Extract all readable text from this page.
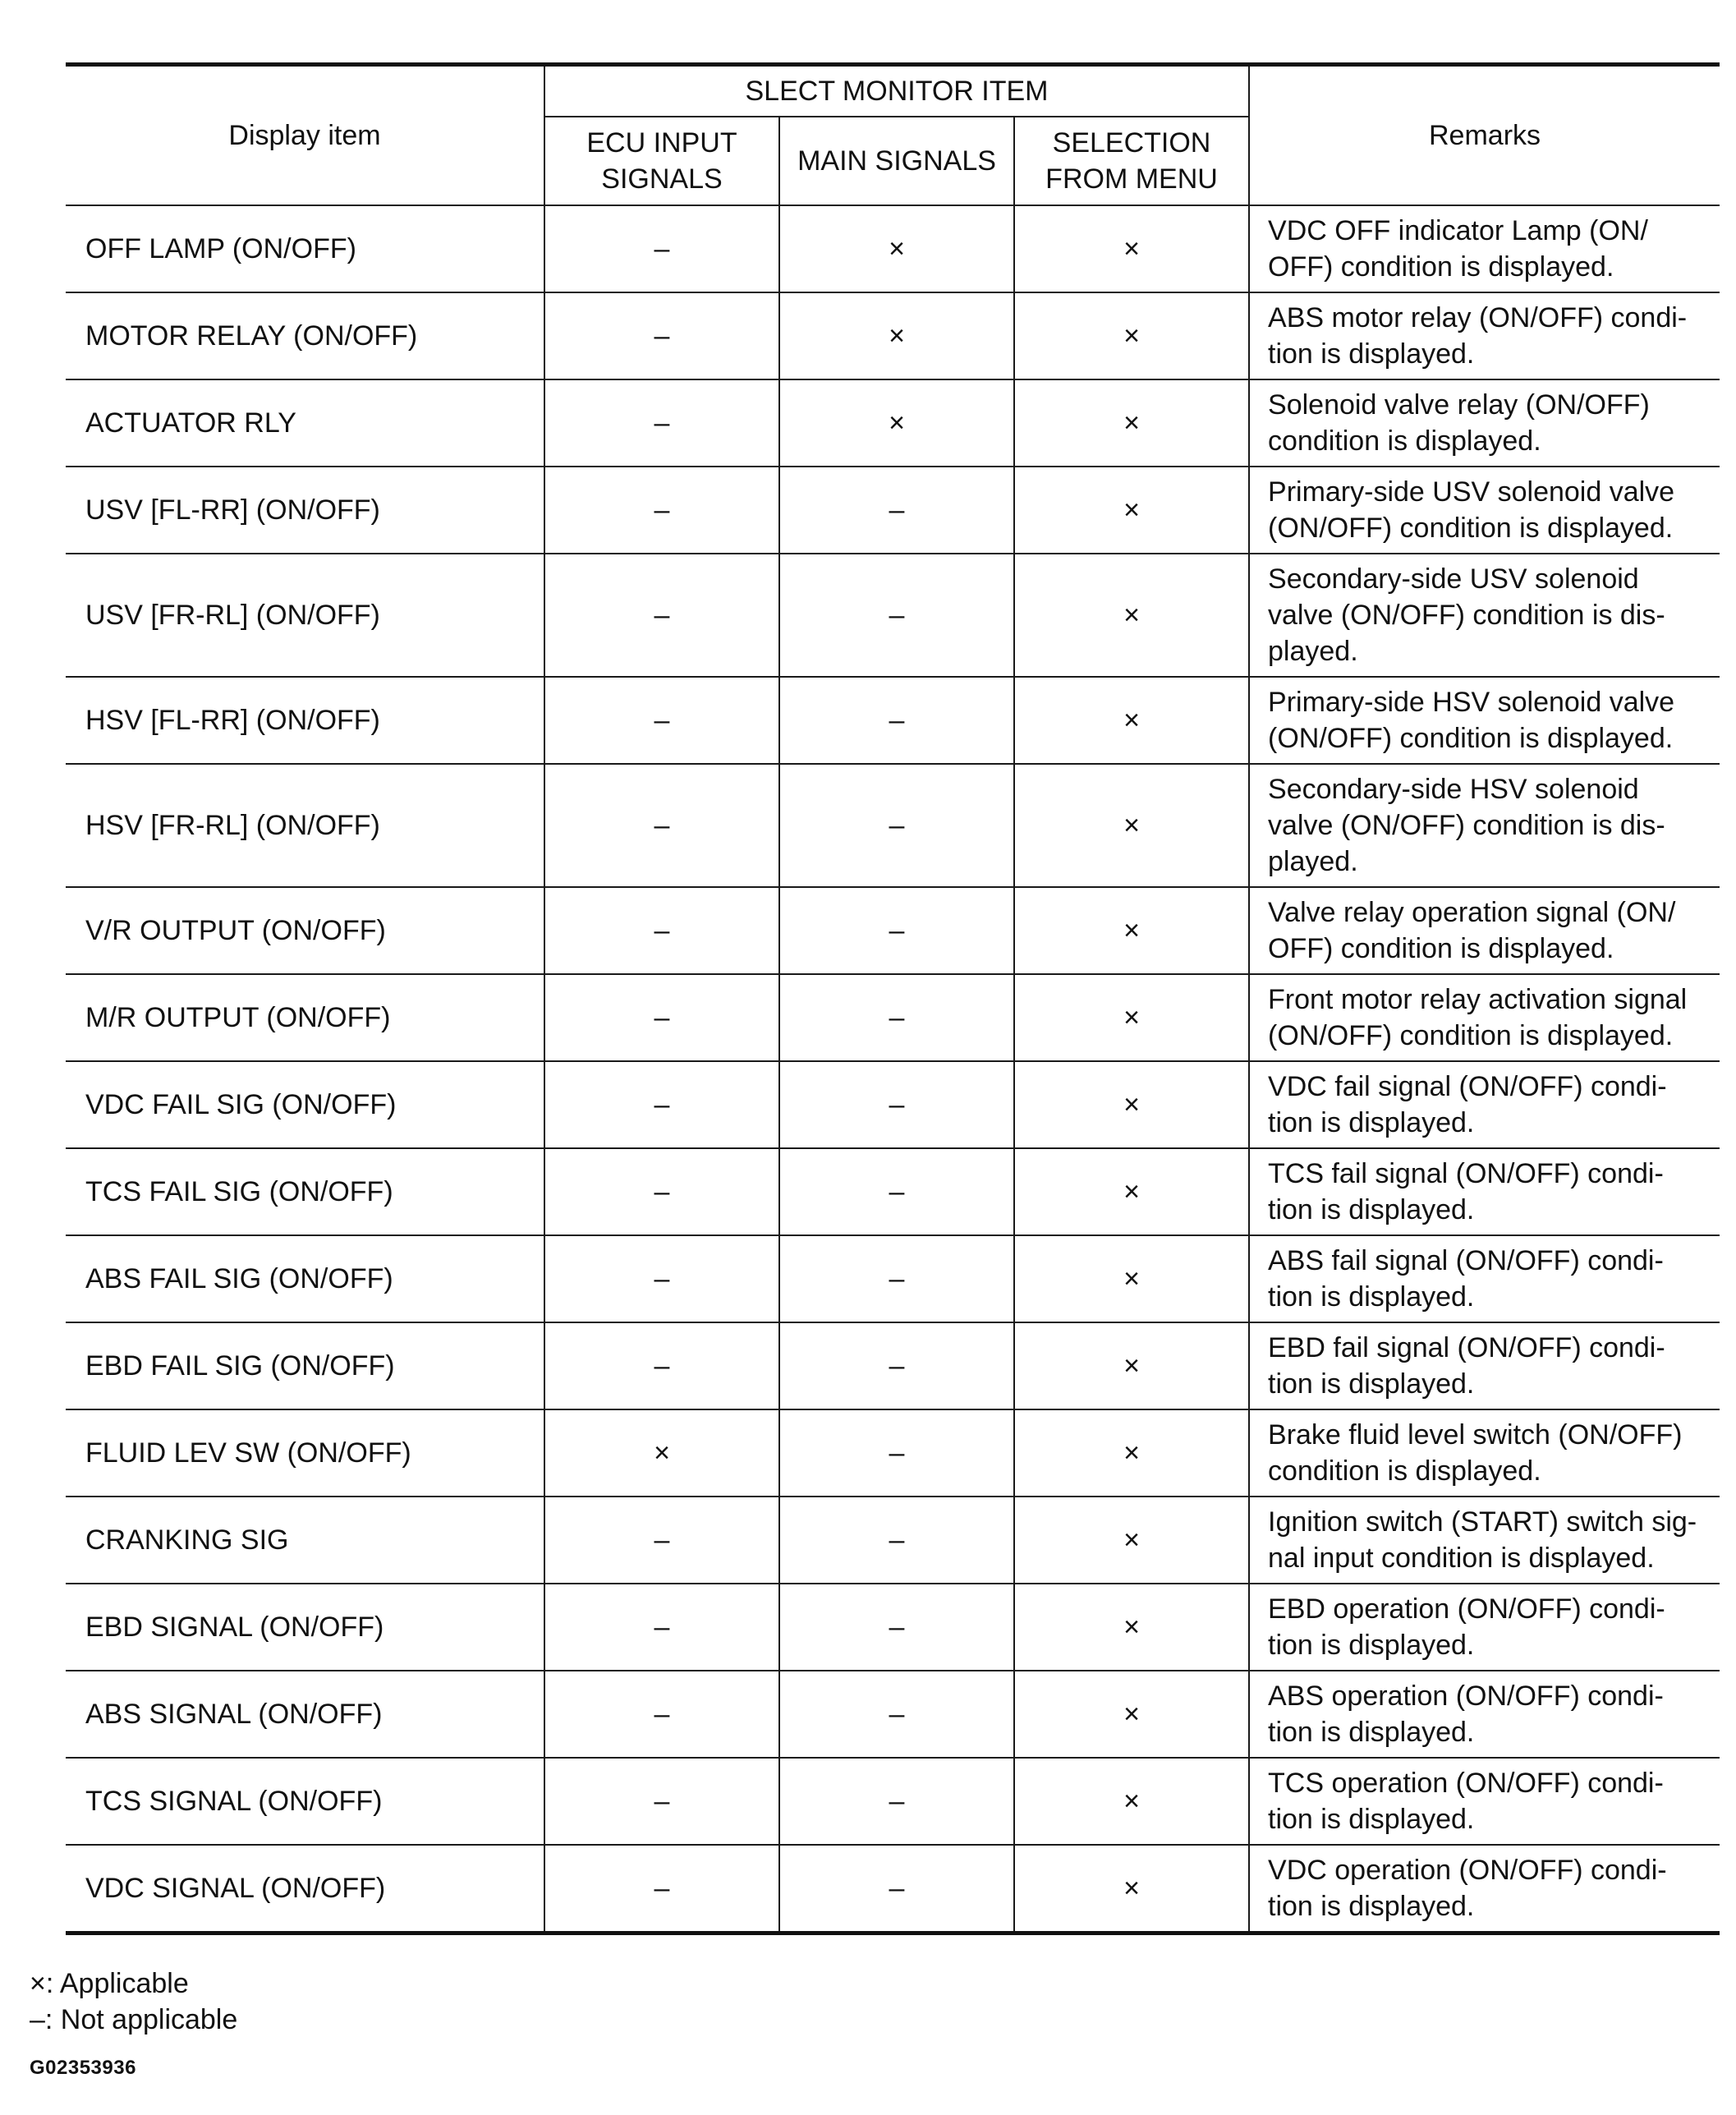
Display item	SLECT MONITOR ITEM			Remarks
	ECU INPUT SIGNALS	MAIN SIGNALS	SELECTION FROM MENU	
OFF LAMP (ON/OFF)	–	×	×	VDC OFF indicator Lamp (ON/ OFF) condition is displayed.
MOTOR RELAY (ON/OFF)	–	×	×	ABS motor relay (ON/OFF) condi- tion is displayed.
ACTUATOR RLY	–	×	×	Solenoid valve relay (ON/OFF) condition is displayed.
USV [FL-RR] (ON/OFF)	–	–	×	Primary-side USV solenoid valve (ON/OFF) condition is displayed.
USV [FR-RL] (ON/OFF)	–	–	×	Secondary-side USV solenoid valve (ON/OFF) condition is dis- played.
HSV [FL-RR] (ON/OFF)	–	–	×	Primary-side HSV solenoid valve (ON/OFF) condition is displayed.
HSV [FR-RL] (ON/OFF)	–	–	×	Secondary-side HSV solenoid valve (ON/OFF) condition is dis- played.
V/R OUTPUT (ON/OFF)	–	–	×	Valve relay operation signal (ON/ OFF) condition is displayed.
M/R OUTPUT (ON/OFF)	–	–	×	Front motor relay activation signal (ON/OFF) condition is displayed.
VDC FAIL SIG (ON/OFF)	–	–	×	VDC fail signal (ON/OFF) condi- tion is displayed.
TCS FAIL SIG (ON/OFF)	–	–	×	TCS fail signal (ON/OFF) condi- tion is displayed.
ABS FAIL SIG (ON/OFF)	–	–	×	ABS fail signal (ON/OFF) condi- tion is displayed.
EBD FAIL SIG (ON/OFF)	–	–	×	EBD fail signal (ON/OFF) condi- tion is displayed.
FLUID LEV SW (ON/OFF)	×	–	×	Brake fluid level switch (ON/OFF) condition is displayed.
CRANKING SIG	–	–	×	Ignition switch (START) switch sig- nal input condition is displayed.
EBD SIGNAL (ON/OFF)	–	–	×	EBD operation (ON/OFF) condi- tion is displayed.
ABS SIGNAL (ON/OFF)	–	–	×	ABS operation (ON/OFF) condi- tion is displayed.
TCS SIGNAL (ON/OFF)	–	–	×	TCS operation (ON/OFF) condi- tion is displayed.
VDC SIGNAL (ON/OFF)	–	–	×	VDC operation (ON/OFF) condi- tion is displayed.
×: Applicable
–: Not applicable
G02353936
